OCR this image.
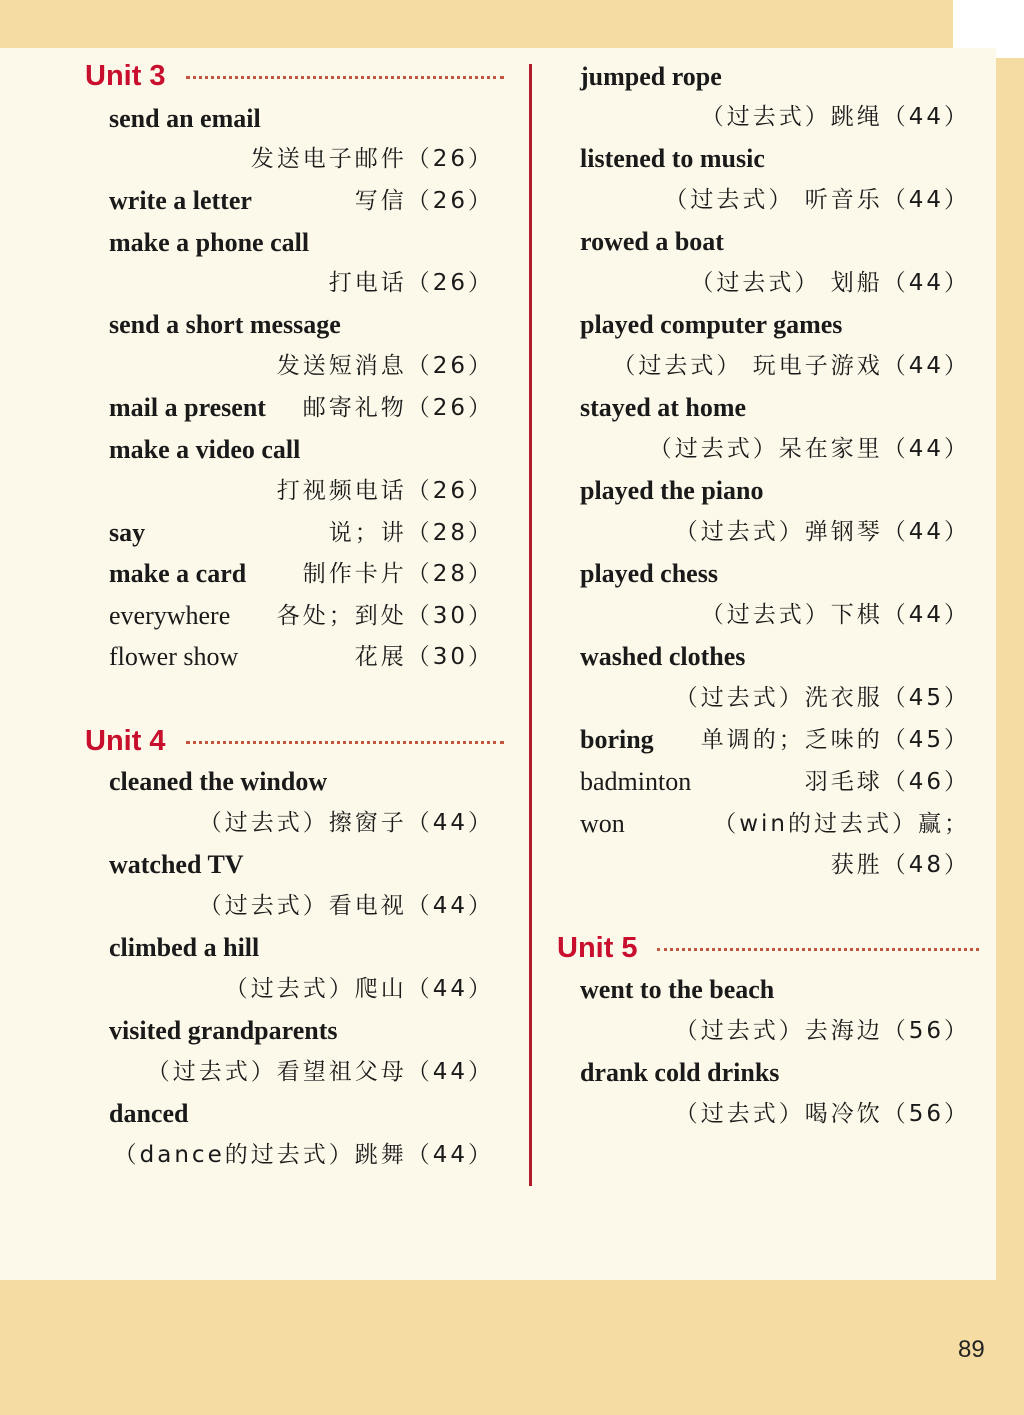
Unit 3
Unit 4
Unit 5
send an email
发送电子邮件（26）
write a letter	写信（26）
make a phone call
打电话（26）
send a short message
发送短消息（26）
mail a present 邮寄礼物（26）
make a video call
打视频电话（26）
say	说；讲（28）
make a card 制作卡片（28）
everywhere 各处；到处（30）
flower show	花展（30）
cleaned the window
（过去式）擦窗子（44）
watched TV
（过去式）看电视（44）
climbed a hill
（过去式）爬山（44）
visited grandparents
（过去式）看望祖父母（44）
danced
（dance的过去式）跳舞（44）
jumped rope
（过去式）跳绳（44）
listened to music
（过去式） 听音乐（44）
rowed a boat
（过去式） 划船（44）
played computer games
（过去式） 玩电子游戏（44）
stayed at home
（过去式）呆在家里（44）
played the piano
（过去式）弹钢琴（44）
played chess
（过去式）下棋（44）
washed clothes
（过去式）洗衣服（45）
boring 单调的；乏味的（45）
badminton	羽毛球（46）
won	（win的过去式）赢；
获胜（48）
went to the beach
（过去式）去海边（56）
drank cold drinks
（过去式）喝冷饮（56）
89
